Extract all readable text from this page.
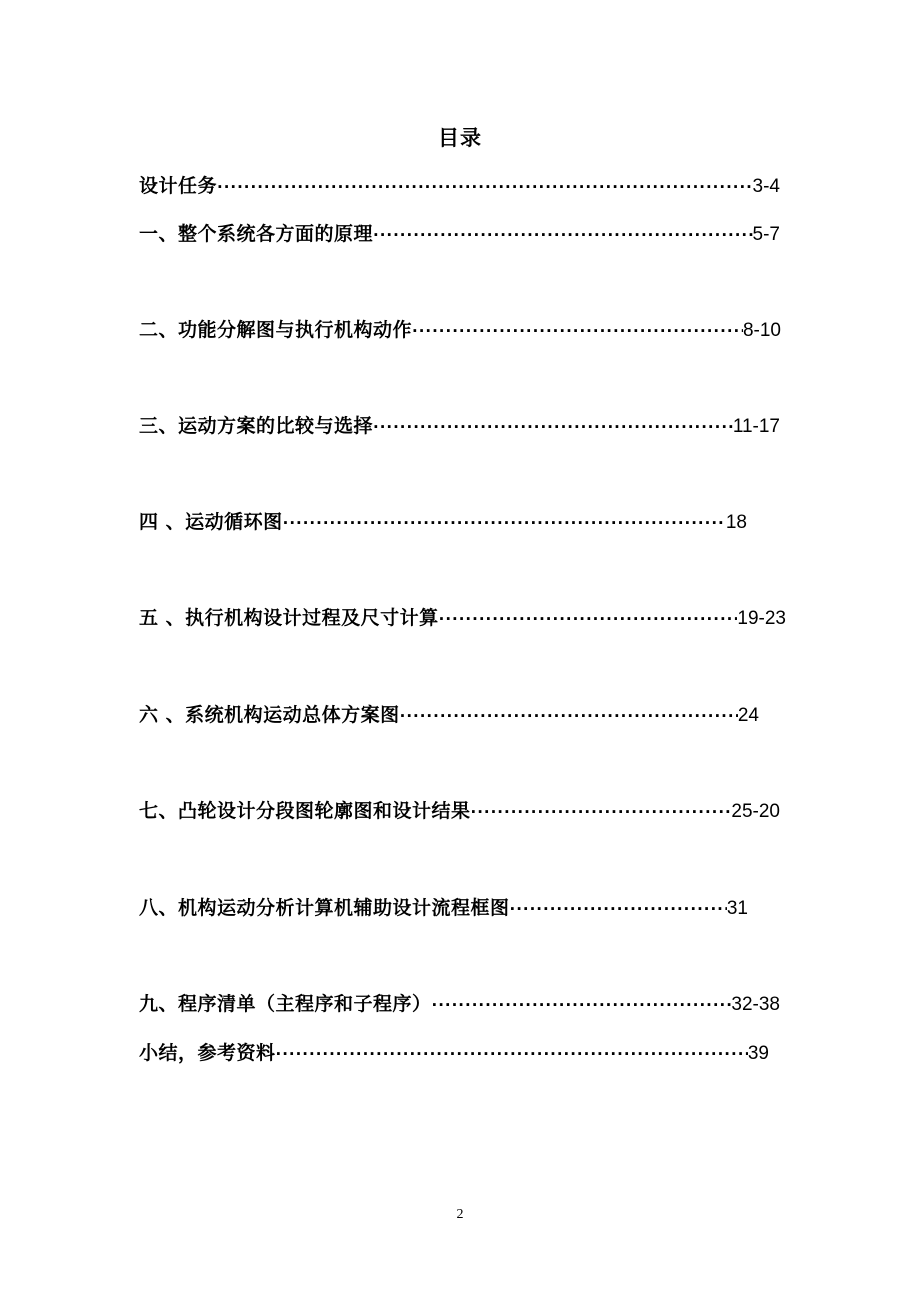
目录
设计任务 ·····	3-4
一、整个系统各方面的原理 ·····	5-7
二、功能分解图与执行机构动作 ·····	8-10
三、运动方案的比较与选择 ·····	11-17
四 、运动循环图 ·····	18
五 、执行机构设计过程及尺寸计算 ·····	19-23
六 、系统机构运动总体方案图 ·····	24
七、凸轮设计分段图轮廓图和设计结果 ·····	25-20
八、机构运动分析计算机辅助设计流程框图 ·····	31
九、程序清单（主程序和子程序） ·····	32-38
小结，参考资料 ·····	39
2
